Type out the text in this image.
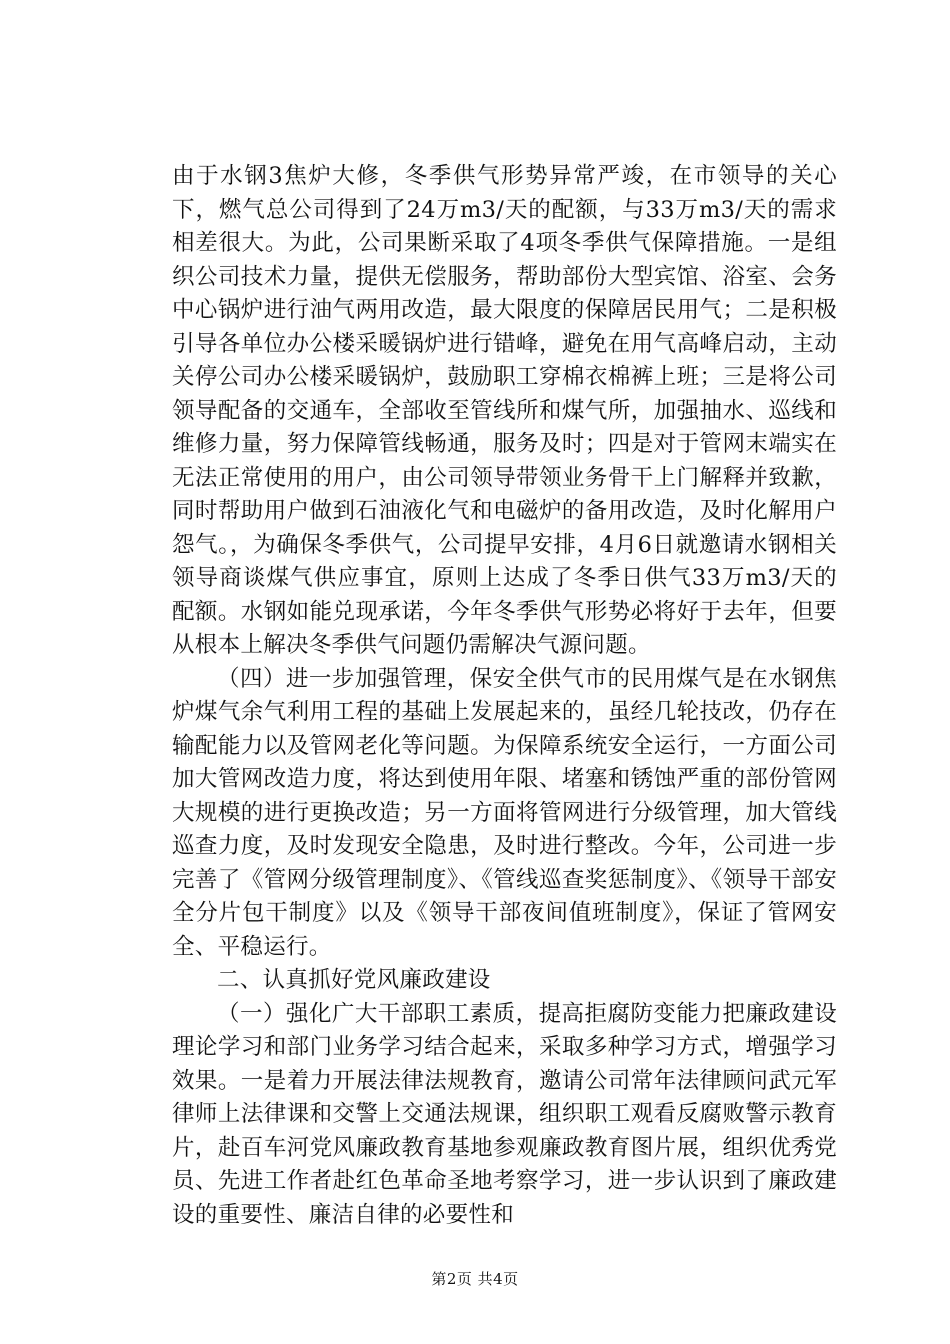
由于水钢3焦炉大修，冬季供气形势异常严竣，在市领导的关心下，燃气总公司得到了24万m3/天的配额，与33万m3/天的需求相差很大。为此，公司果断采取了4项冬季供气保障措施。一是组织公司技术力量，提供无偿服务，帮助部份大型宾馆、浴室、会务中心锅炉进行油气两用改造，最大限度的保障居民用气；二是积极引导各单位办公楼采暖锅炉进行错峰，避免在用气高峰启动，主动关停公司办公楼采暖锅炉，鼓励职工穿棉衣棉裤上班；三是将公司领导配备的交通车，全部收至管线所和煤气所，加强抽水、巡线和维修力量，努力保障管线畅通，服务及时；四是对于管网末端实在无法正常使用的用户，由公司领导带领业务骨干上门解释并致歉，同时帮助用户做到石油液化气和电磁炉的备用改造，及时化解用户怨气。，为确保冬季供气，公司提早安排，4月6日就邀请水钢相关领导商谈煤气供应事宜，原则上达成了冬季日供气33万m3/天的配额。水钢如能兑现承诺，今年冬季供气形势必将好于去年，但要从根本上解决冬季供气问题仍需解决气源问题。

（四）进一步加强管理，保安全供气市的民用煤气是在水钢焦炉煤气余气利用工程的基础上发展起来的，虽经几轮技改，仍存在输配能力以及管网老化等问题。为保障系统安全运行，一方面公司加大管网改造力度，将达到使用年限、堵塞和锈蚀严重的部份管网大规模的进行更换改造；另一方面将管网进行分级管理，加大管线巡查力度，及时发现安全隐患，及时进行整改。今年，公司进一步完善了《管网分级管理制度》、《管线巡查奖惩制度》、《领导干部安全分片包干制度》以及《领导干部夜间值班制度》，保证了管网安全、平稳运行。

二、认真抓好党风廉政建设

（一）强化广大干部职工素质，提高拒腐防变能力把廉政建设理论学习和部门业务学习结合起来，采取多种学习方式，增强学习效果。一是着力开展法律法规教育，邀请公司常年法律顾问武元军律师上法律课和交警上交通法规课，组织职工观看反腐败警示教育片，赴百车河党风廉政教育基地参观廉政教育图片展，组织优秀党员、先进工作者赴红色革命圣地考察学习，进一步认识到了廉政建设的重要性、廉洁自律的必要性和

第2页 共4页
